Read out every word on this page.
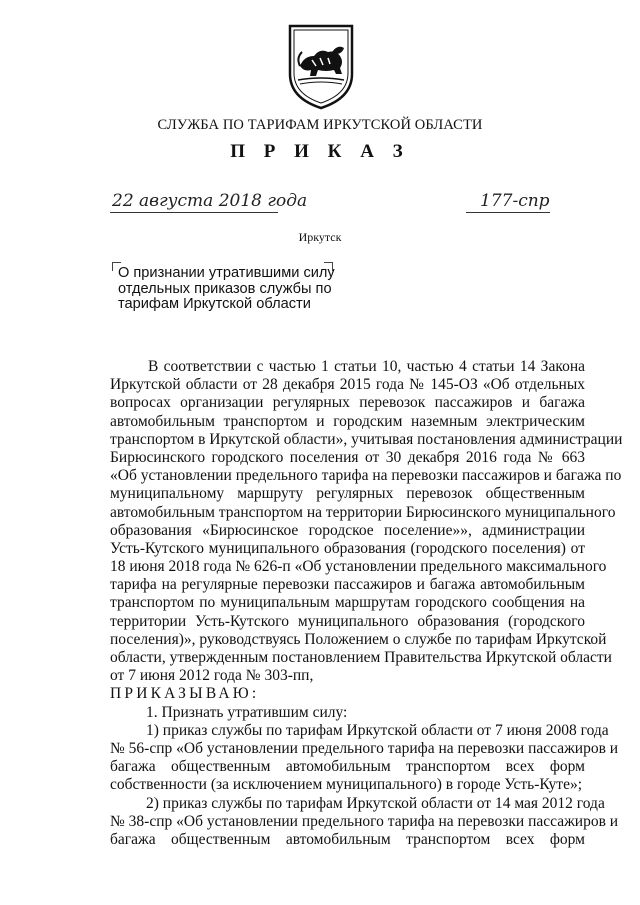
СЛУЖБА ПО ТАРИФАМ ИРКУТСКОЙ ОБЛАСТИ
П Р И К А З
22 августа 2018 года	177-спр
Иркутск
О признании утратившими силу
отдельных приказов службы по
тарифам Иркутской области
В соответствии с частью 1 статьи 10, частью 4 статьи 14 Закона
Иркутской области от 28 декабря 2015 года № 145-ОЗ «Об отдельных
вопросах организации регулярных перевозок пассажиров и багажа
автомобильным транспортом и городским наземным электрическим
транспортом в Иркутской области», учитывая постановления администрации
Бирюсинского городского поселения от 30 декабря 2016 года № 663
«Об установлении предельного тарифа на перевозки пассажиров и багажа по
муниципальному маршруту регулярных перевозок общественным
автомобильным транспортом на территории Бирюсинского муниципального
образования «Бирюсинское городское поселение»», администрации
Усть-Кутского муниципального образования (городского поселения) от
18 июня 2018 года № 626-п «Об установлении предельного максимального
тарифа на регулярные перевозки пассажиров и багажа автомобильным
транспортом по муниципальным маршрутам городского сообщения на
территории Усть-Кутского муниципального образования (городского
поселения)», руководствуясь Положением о службе по тарифам Иркутской
области, утвержденным постановлением Правительства Иркутской области
от 7 июня 2012 года № 303-пп,
ПРИКАЗЫВАЮ:
1. Признать утратившим силу:
1) приказ службы по тарифам Иркутской области от 7 июня 2008 года
№ 56-спр «Об установлении предельного тарифа на перевозки пассажиров и
багажа общественным автомобильным транспортом всех форм
собственности (за исключением муниципального) в городе Усть-Куте»;
2) приказ службы по тарифам Иркутской области от 14 мая 2012 года
№ 38-спр «Об установлении предельного тарифа на перевозки пассажиров и
багажа общественным автомобильным транспортом всех форм
